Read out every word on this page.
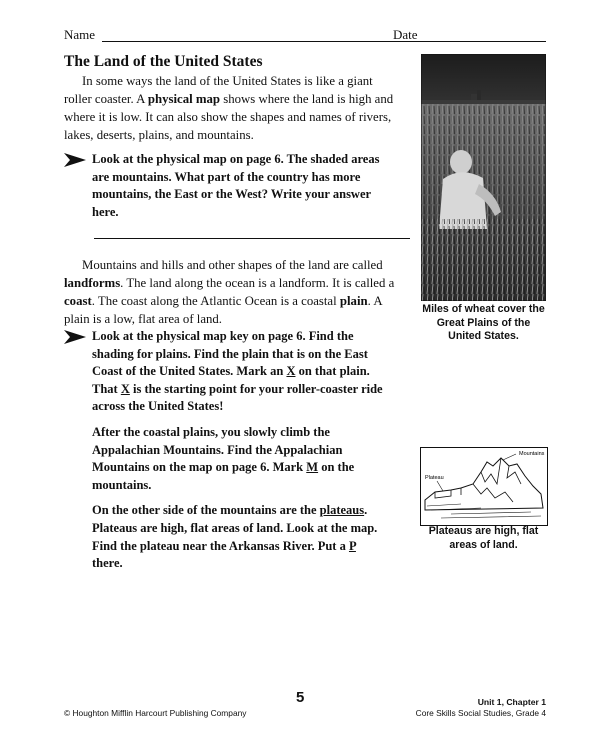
Name	Date
The Land of the United States

In some ways the land of the United States is like a giant roller coaster. A physical map shows where the land is high and where it is low. It can also show the shapes and names of rivers, lakes, deserts, plains, and mountains.

Look at the physical map on page 6. The shaded areas are mountains. What part of the country has more mountains, the East or the West? Write your answer here.

Mountains and hills and other shapes of the land are called landforms. The land along the ocean is a landform. It is called a coast. The coast along the Atlantic Ocean is a coastal plain. A plain is a low, flat area of land.

Look at the physical map key on page 6. Find the shading for plains. Find the plain that is on the East Coast of the United States. Mark an X on that plain. That X is the starting point for your roller-coaster ride across the United States!

After the coastal plains, you slowly climb the Appalachian Mountains. Find the Appalachian Mountains on the map on page 6. Mark M on the mountains.

On the other side of the mountains are the plateaus. Plateaus are high, flat areas of land. Look at the map. Find the plateau near the Arkansas River. Put a P there.

Miles of wheat cover the Great Plains of the United States.
Mountains
Plateau
Plateaus are high, flat areas of land.
5
© Houghton Mifflin Harcourt Publishing Company
Unit 1, Chapter 1
Core Skills Social Studies, Grade 4
